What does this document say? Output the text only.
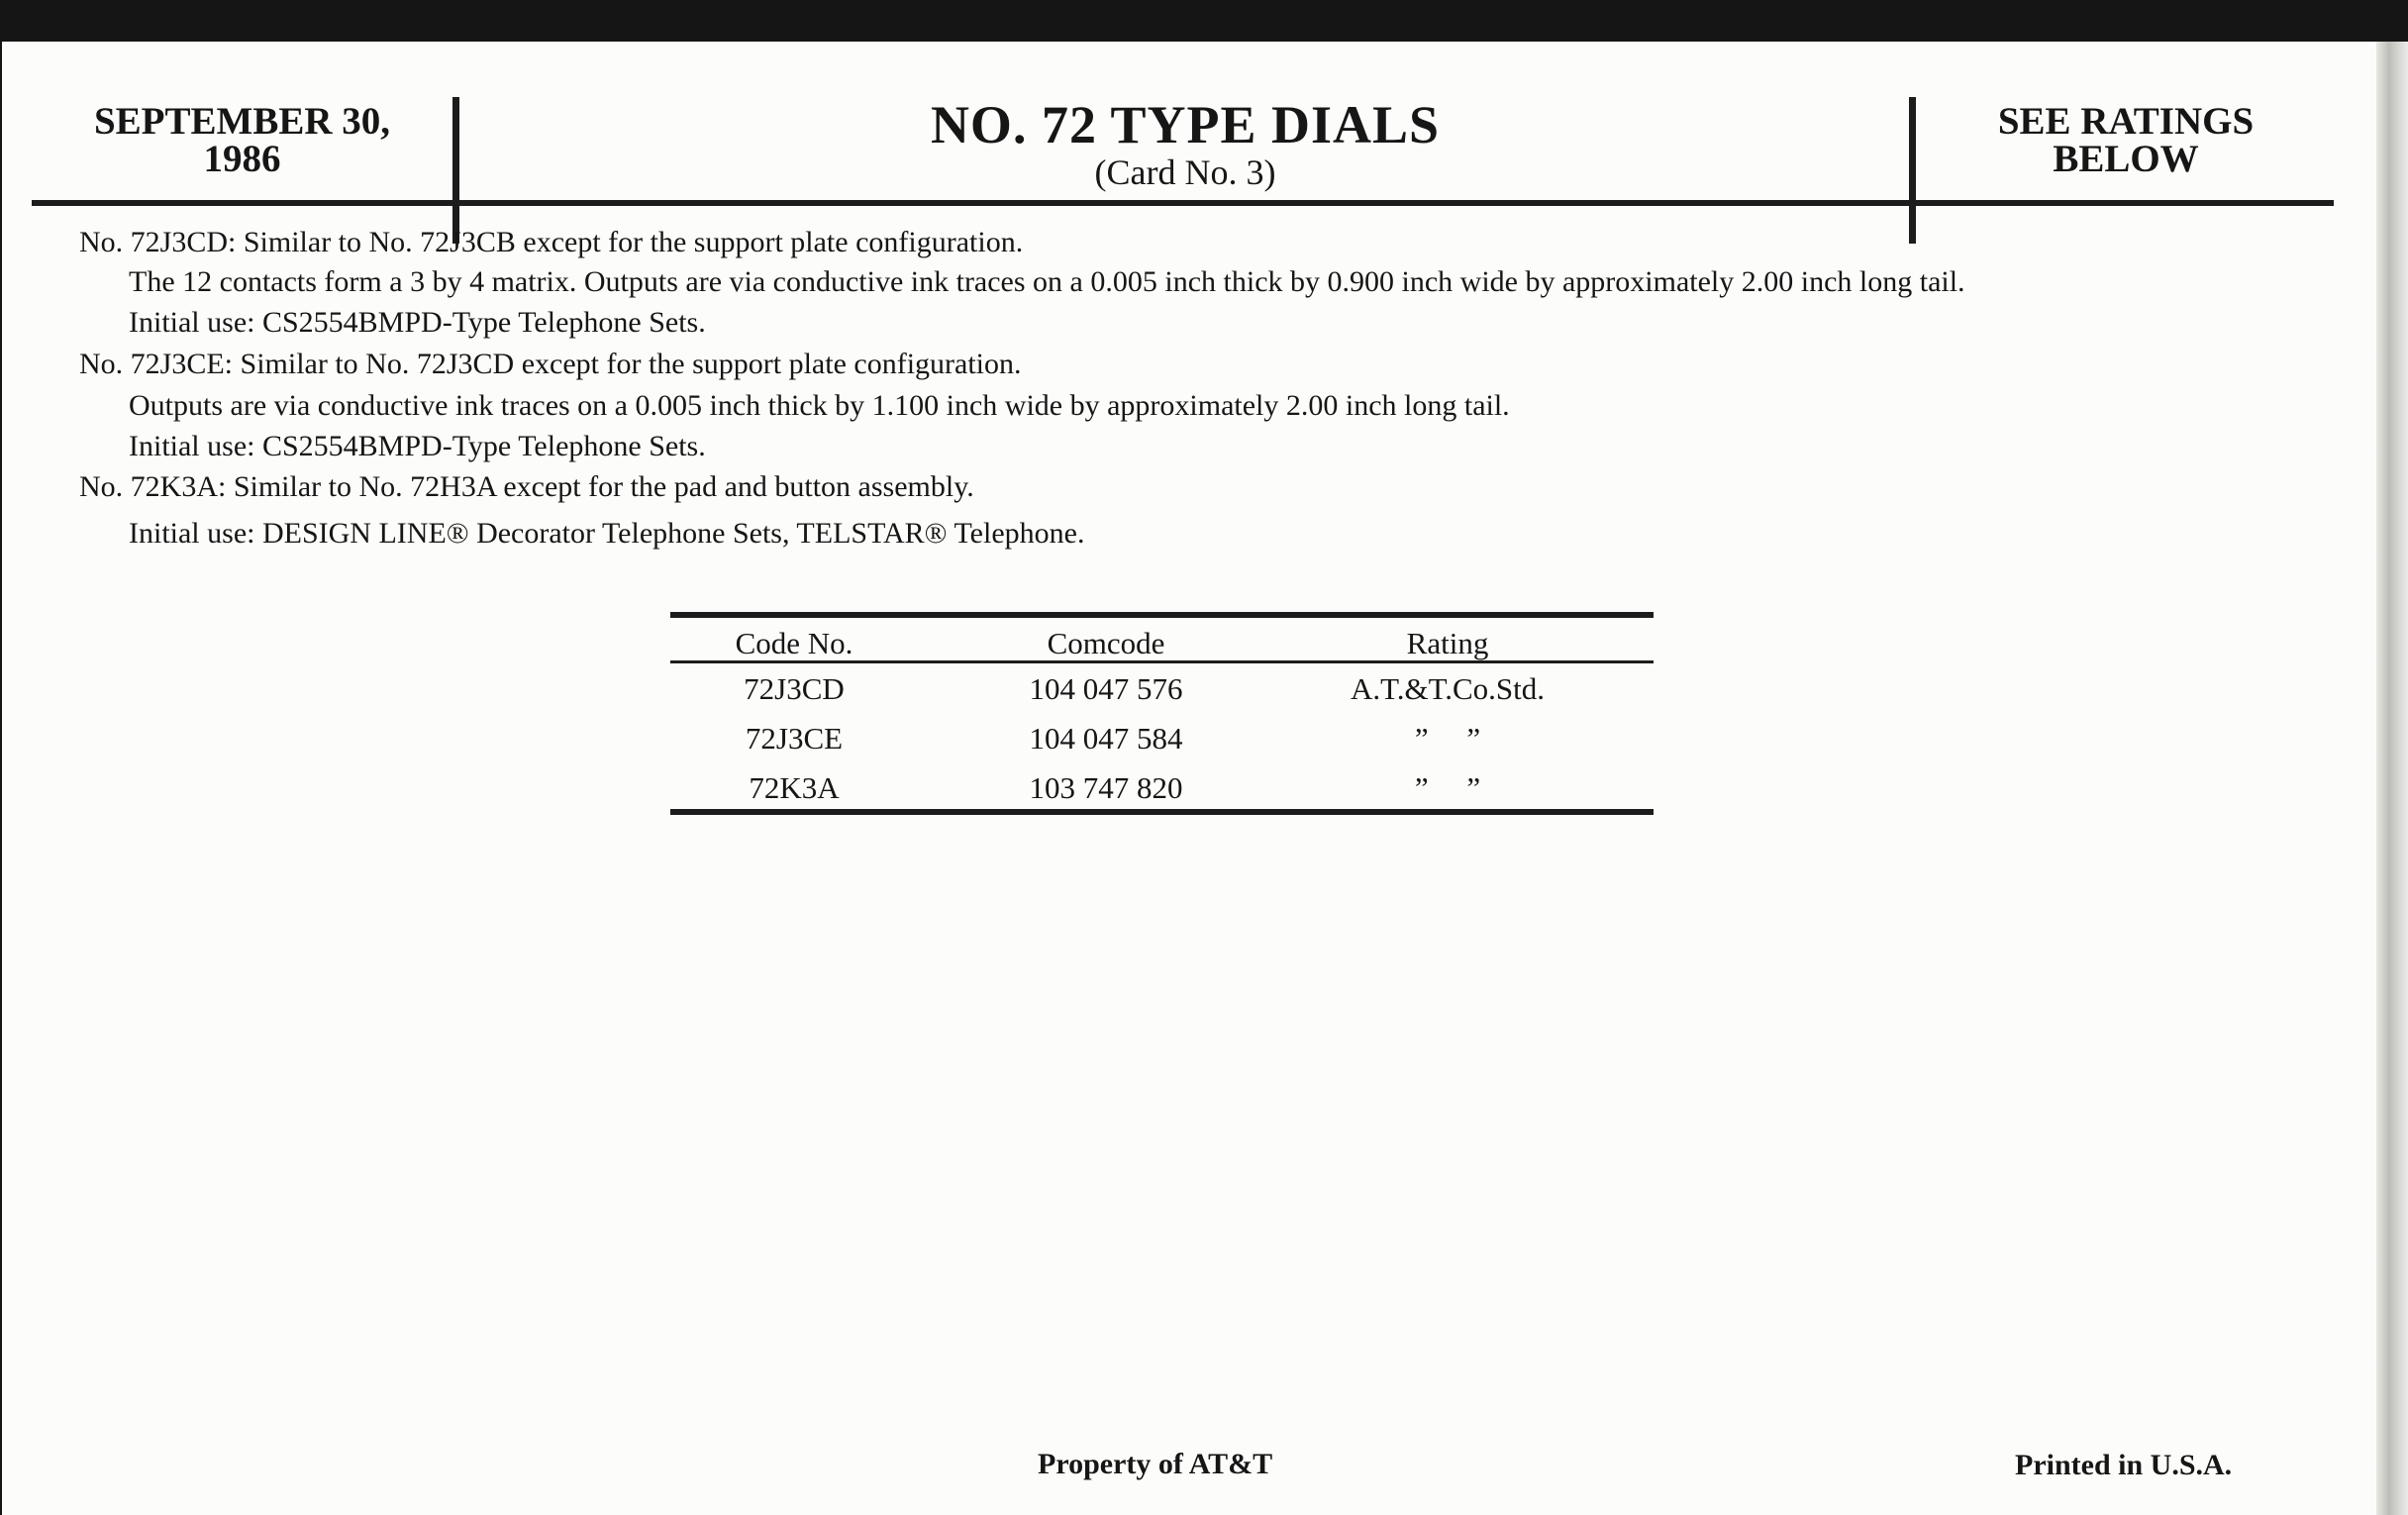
SEPTEMBER 30,
1986
NO. 72 TYPE DIALS
(Card No. 3)
SEE RATINGS
BELOW
No. 72J3CD: Similar to No. 72J3CB except for the support plate configuration.
The 12 contacts form a 3 by 4 matrix. Outputs are via conductive ink traces on a 0.005 inch thick by 0.900 inch wide by approximately 2.00 inch long tail.
Initial use: CS2554BMPD-Type Telephone Sets.
No. 72J3CE: Similar to No. 72J3CD except for the support plate configuration.
Outputs are via conductive ink traces on a 0.005 inch thick by 1.100 inch wide by approximately 2.00 inch long tail.
Initial use: CS2554BMPD-Type Telephone Sets.
No. 72K3A: Similar to No. 72H3A except for the pad and button assembly.
Initial use: DESIGN LINE® Decorator Telephone Sets, TELSTAR® Telephone.
Code No.	Comcode	Rating
72J3CD	104 047 576	A.T.&T.Co.Std.
72J3CE	104 047 584	”     ”
72K3A	103 747 820	”     ”
Property of AT&T	Printed in U.S.A.
